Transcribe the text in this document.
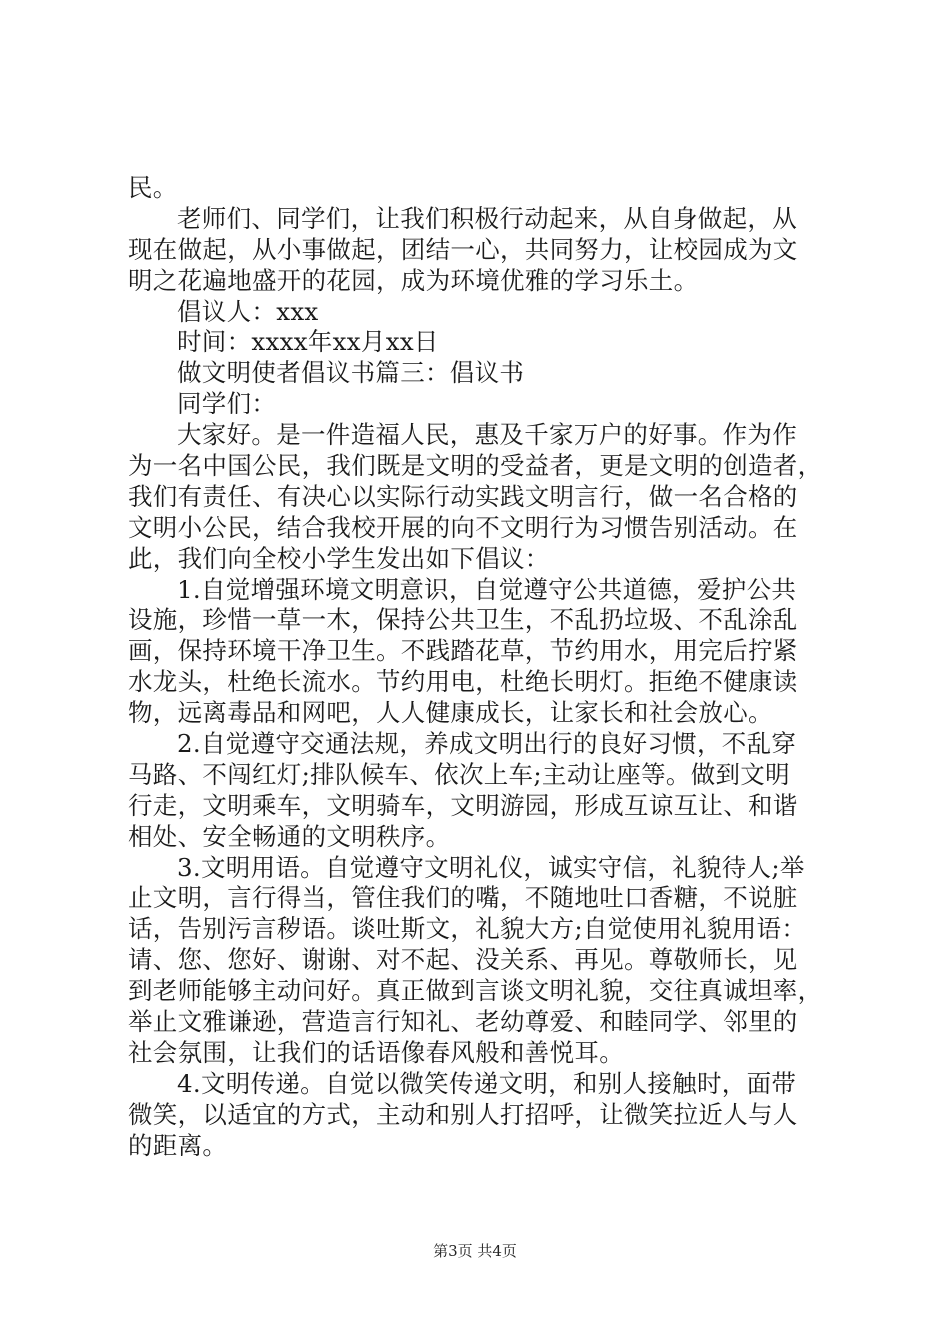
民。
老师们、同学们，让我们积极行动起来，从自身做起，从
现在做起，从小事做起，团结一心，共同努力，让校园成为文
明之花遍地盛开的花园，成为环境优雅的学习乐土。
倡议人：xxx
时间：xxxx年xx月xx日
做文明使者倡议书篇三：倡议书
同学们：
大家好。是一件造福人民，惠及千家万户的好事。作为作
为一名中国公民，我们既是文明的受益者，更是文明的创造者，
我们有责任、有决心以实际行动实践文明言行，做一名合格的
文明小公民，结合我校开展的向不文明行为习惯告别活动。在
此，我们向全校小学生发出如下倡议：
1.自觉增强环境文明意识，自觉遵守公共道德，爱护公共
设施，珍惜一草一木，保持公共卫生，不乱扔垃圾、不乱涂乱
画，保持环境干净卫生。不践踏花草，节约用水，用完后拧紧
水龙头，杜绝长流水。节约用电，杜绝长明灯。拒绝不健康读
物，远离毒品和网吧，人人健康成长，让家长和社会放心。
2.自觉遵守交通法规，养成文明出行的良好习惯，不乱穿
马路、不闯红灯;排队候车、依次上车;主动让座等。做到文明
行走，文明乘车，文明骑车，文明游园，形成互谅互让、和谐
相处、安全畅通的文明秩序。
3.文明用语。自觉遵守文明礼仪，诚实守信，礼貌待人;举
止文明，言行得当，管住我们的嘴，不随地吐口香糖，不说脏
话，告别污言秽语。谈吐斯文，礼貌大方;自觉使用礼貌用语：
请、您、您好、谢谢、对不起、没关系、再见。尊敬师长，见
到老师能够主动问好。真正做到言谈文明礼貌，交往真诚坦率，
举止文雅谦逊，营造言行知礼、老幼尊爱、和睦同学、邻里的
社会氛围，让我们的话语像春风般和善悦耳。
4.文明传递。自觉以微笑传递文明，和别人接触时，面带
微笑，以适宜的方式，主动和别人打招呼，让微笑拉近人与人
的距离。
第3页 共4页
